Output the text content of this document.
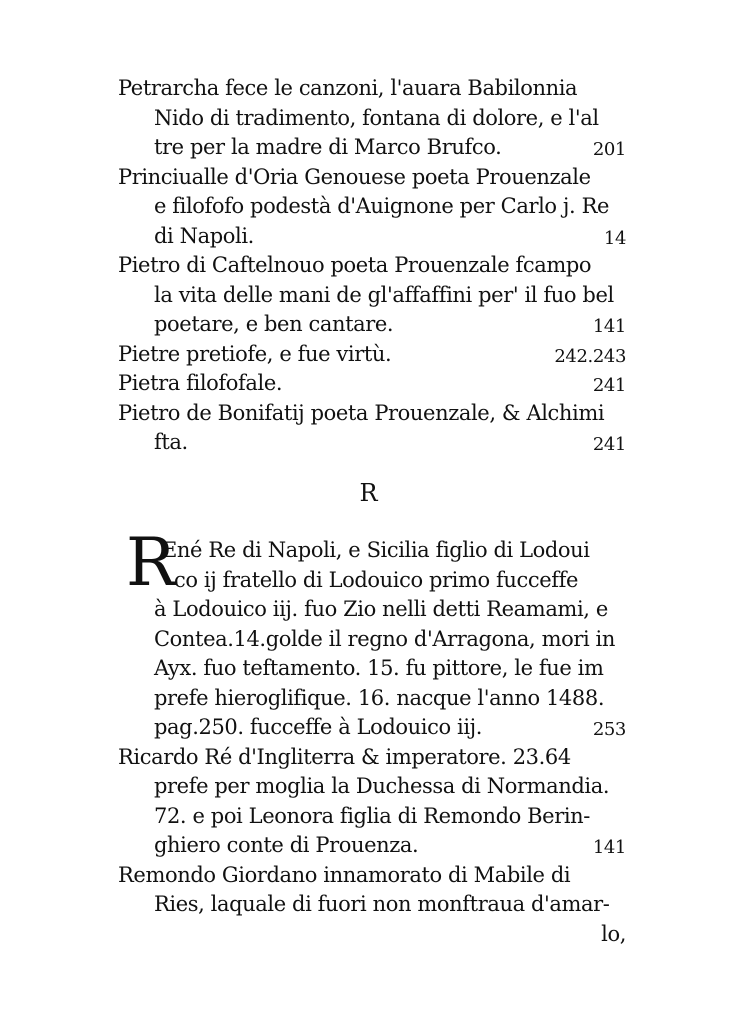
Petrarcha fece le canzoni, l'auara Babilonnia
Nido di tradimento, fontana di dolore, e l'al
tre per la madre di Marco Brufco.	201
Princiualle d'Oria Genouese poeta Prouenzale
e filofofo podestà d'Auignone per Carlo j. Re
di Napoli.	14
Pietro di Caftelnouo poeta Prouenzale fcampo
la vita delle mani de gl'affaffini per' il fuo bel
poetare, e ben cantare.	141
Pietre pretiofe, e fue virtù.	242.243
Pietra filofofale.	241
Pietro de Bonifatij poeta Prouenzale, & Alchimi
fta.	241
R
R
Ené Re di Napoli, e Sicilia figlio di Lodoui
co ij fratello di Lodouico primo fucceffe
à Lodouico iij. fuo Zio nelli detti Reamami, e
Contea.14.golde il regno d'Arragona, mori in
Ayx. fuo teftamento. 15. fu pittore, le fue im
prefe hieroglifique. 16. nacque l'anno 1488.
pag.250. fucceffe à Lodouico iij.	253
Ricardo Ré d'Ingliterra & imperatore. 23.64
prefe per moglia la Duchessa di Normandia.
72. e poi Leonora figlia di Remondo Berin-
ghiero conte di Prouenza.	141
Remondo Giordano innamorato di Mabile di
Ries, laquale di fuori non monftraua d'amar-
lo,
